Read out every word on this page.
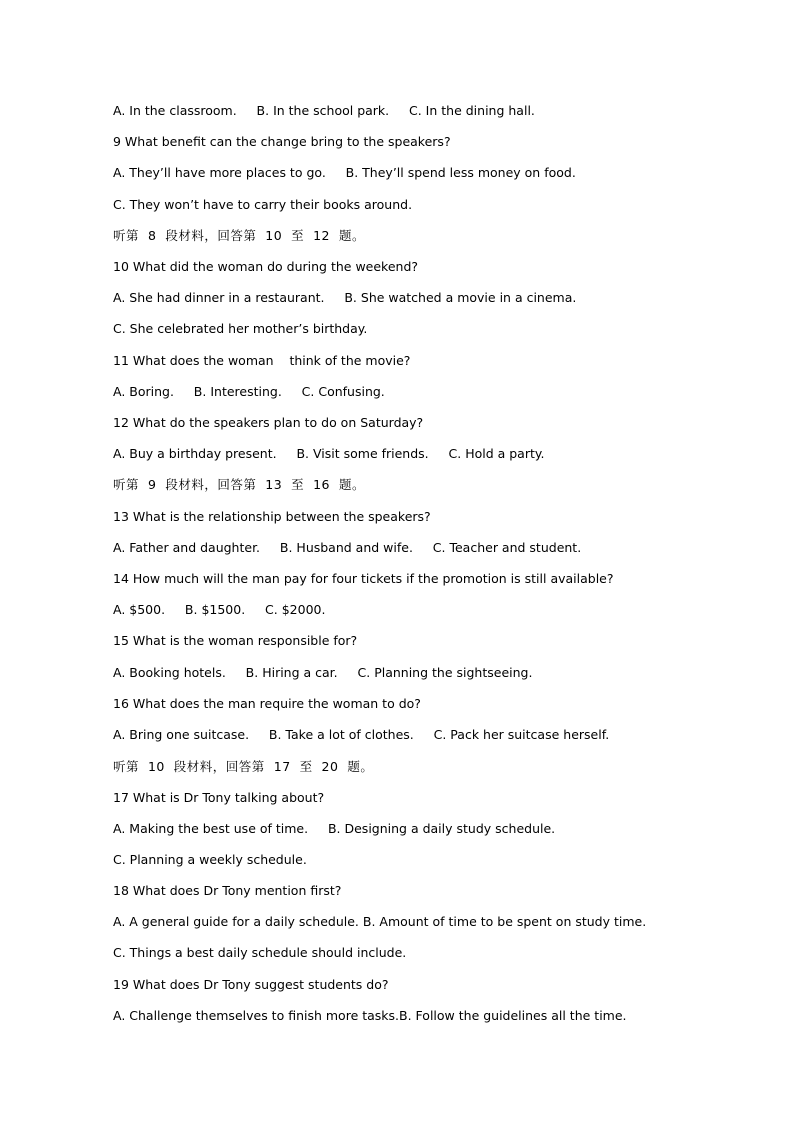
A. In the classroom.     B. In the school park.     C. In the dining hall.
9 What benefit can the change bring to the speakers?
A. They’ll have more places to go.     B. They’ll spend less money on food.
C. They won’t have to carry their books around.
听第  8  段材料，回答第  10  至  12  题。
10 What did the woman do during the weekend?
A. She had dinner in a restaurant.     B. She watched a movie in a cinema.
C. She celebrated her mother’s birthday.
11 What does the woman    think of the movie?
A. Boring.     B. Interesting.     C. Confusing.
12 What do the speakers plan to do on Saturday?
A. Buy a birthday present.     B. Visit some friends.     C. Hold a party.
听第  9  段材料，回答第  13  至  16  题。
13 What is the relationship between the speakers?
A. Father and daughter.     B. Husband and wife.     C. Teacher and student.
14 How much will the man pay for four tickets if the promotion is still available?
A. $500.     B. $1500.     C. $2000.
15 What is the woman responsible for?
A. Booking hotels.     B. Hiring a car.     C. Planning the sightseeing.
16 What does the man require the woman to do?
A. Bring one suitcase.     B. Take a lot of clothes.     C. Pack her suitcase herself.
听第  10  段材料，回答第  17  至  20  题。
17 What is Dr Tony talking about?
A. Making the best use of time.     B. Designing a daily study schedule.
C. Planning a weekly schedule.
18 What does Dr Tony mention first?
A. A general guide for a daily schedule. B. Amount of time to be spent on study time.
C. Things a best daily schedule should include.
19 What does Dr Tony suggest students do?
A. Challenge themselves to finish more tasks.B. Follow the guidelines all the time.
